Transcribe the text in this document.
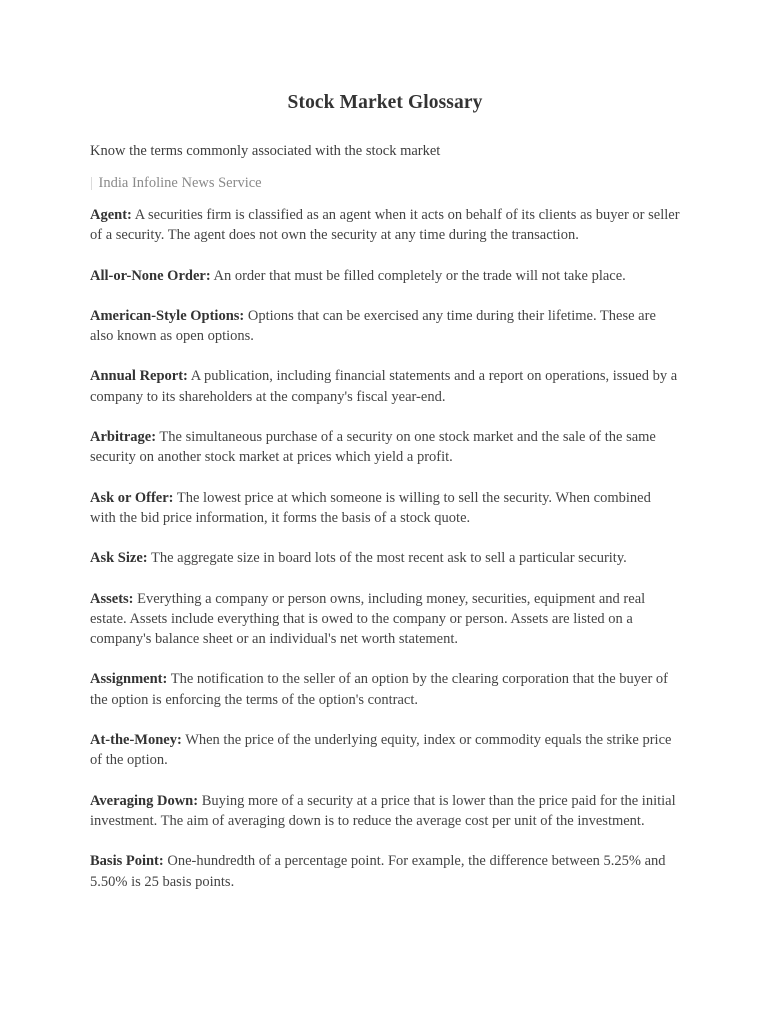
Stock Market Glossary

Know the terms commonly associated with the stock market

| India Infoline News Service

Agent: A securities firm is classified as an agent when it acts on behalf of its clients as buyer or seller of a security. The agent does not own the security at any time during the transaction.

All-or-None Order: An order that must be filled completely or the trade will not take place.

American-Style Options: Options that can be exercised any time during their lifetime. These are also known as open options.

Annual Report: A publication, including financial statements and a report on operations, issued by a company to its shareholders at the company's fiscal year-end.

Arbitrage: The simultaneous purchase of a security on one stock market and the sale of the same security on another stock market at prices which yield a profit.

Ask or Offer: The lowest price at which someone is willing to sell the security. When combined with the bid price information, it forms the basis of a stock quote.

Ask Size: The aggregate size in board lots of the most recent ask to sell a particular security.

Assets: Everything a company or person owns, including money, securities, equipment and real estate. Assets include everything that is owed to the company or person. Assets are listed on a company's balance sheet or an individual's net worth statement.

Assignment: The notification to the seller of an option by the clearing corporation that the buyer of the option is enforcing the terms of the option's contract.

At-the-Money: When the price of the underlying equity, index or commodity equals the strike price of the option.

Averaging Down: Buying more of a security at a price that is lower than the price paid for the initial investment. The aim of averaging down is to reduce the average cost per unit of the investment.

Basis Point: One-hundredth of a percentage point. For example, the difference between 5.25% and 5.50% is 25 basis points.
